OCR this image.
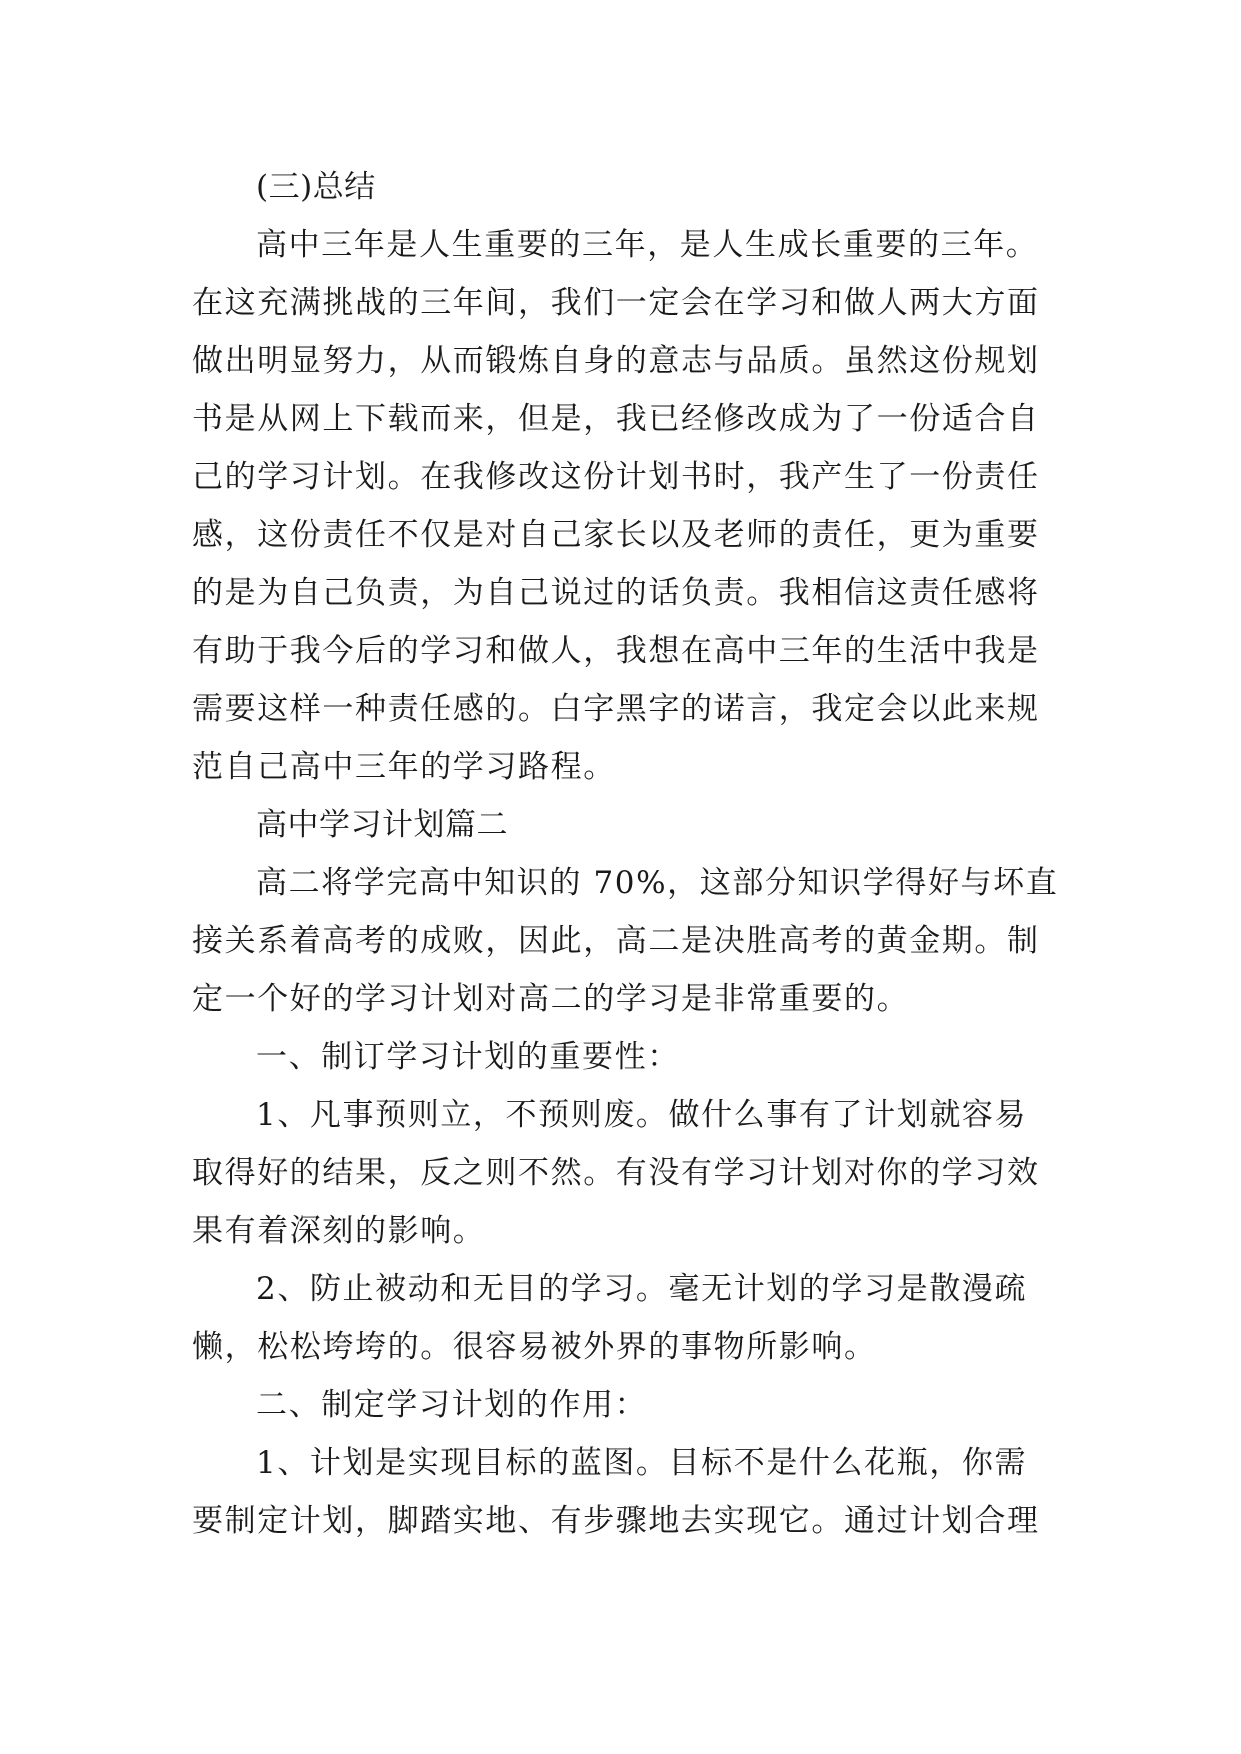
(三)总结
高中三年是人生重要的三年，是人生成长重要的三年。
在这充满挑战的三年间，我们一定会在学习和做人两大方面
做出明显努力，从而锻炼自身的意志与品质。虽然这份规划
书是从网上下载而来，但是，我已经修改成为了一份适合自
己的学习计划。在我修改这份计划书时，我产生了一份责任
感，这份责任不仅是对自己家长以及老师的责任，更为重要
的是为自己负责，为自己说过的话负责。我相信这责任感将
有助于我今后的学习和做人，我想在高中三年的生活中我是
需要这样一种责任感的。白字黑字的诺言，我定会以此来规
范自己高中三年的学习路程。
高中学习计划篇二
高二将学完高中知识的 70%，这部分知识学得好与坏直
接关系着高考的成败，因此，高二是决胜高考的黄金期。制
定一个好的学习计划对高二的学习是非常重要的。
一、制订学习计划的重要性：
1、凡事预则立，不预则废。做什么事有了计划就容易
取得好的结果，反之则不然。有没有学习计划对你的学习效
果有着深刻的影响。
2、防止被动和无目的学习。毫无计划的学习是散漫疏
懒，松松垮垮的。很容易被外界的事物所影响。
二、制定学习计划的作用：
1、计划是实现目标的蓝图。目标不是什么花瓶，你需
要制定计划，脚踏实地、有步骤地去实现它。通过计划合理
